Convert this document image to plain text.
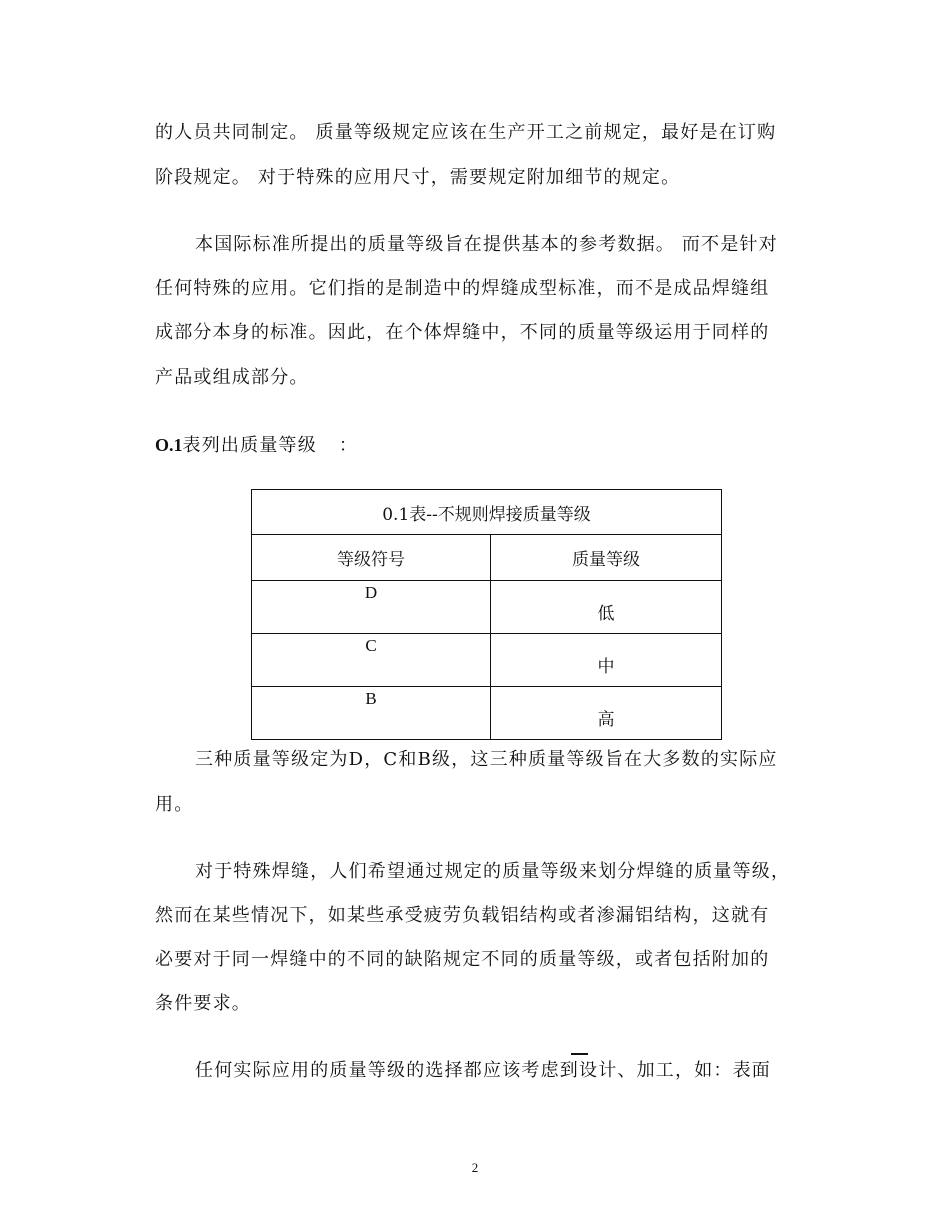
的人员共同制定。 质量等级规定应该在生产开工之前规定，最好是在订购
阶段规定。 对于特殊的应用尺寸，需要规定附加细节的规定。
本国际标准所提出的质量等级旨在提供基本的参考数据。 而不是针对
任何特殊的应用。它们指的是制造中的焊缝成型标准，而不是成品焊缝组
成部分本身的标准。因此，在个体焊缝中，不同的质量等级运用于同样的
产品或组成部分。
O.1表列出质量等级 ：
0.1表--不规则焊接质量等级	
等级符号	质量等级
D	低
C	中
B	高
三种质量等级定为D，C和B级，这三种质量等级旨在大多数的实际应
用。
对于特殊焊缝，人们希望通过规定的质量等级来划分焊缝的质量等级，
然而在某些情况下，如某些承受疲劳负载铝结构或者渗漏铝结构，这就有
必要对于同一焊缝中的不同的缺陷规定不同的质量等级，或者包括附加的
条件要求。
任何实际应用的质量等级的选择都应该考虑到设计、加工，如：表面
2
